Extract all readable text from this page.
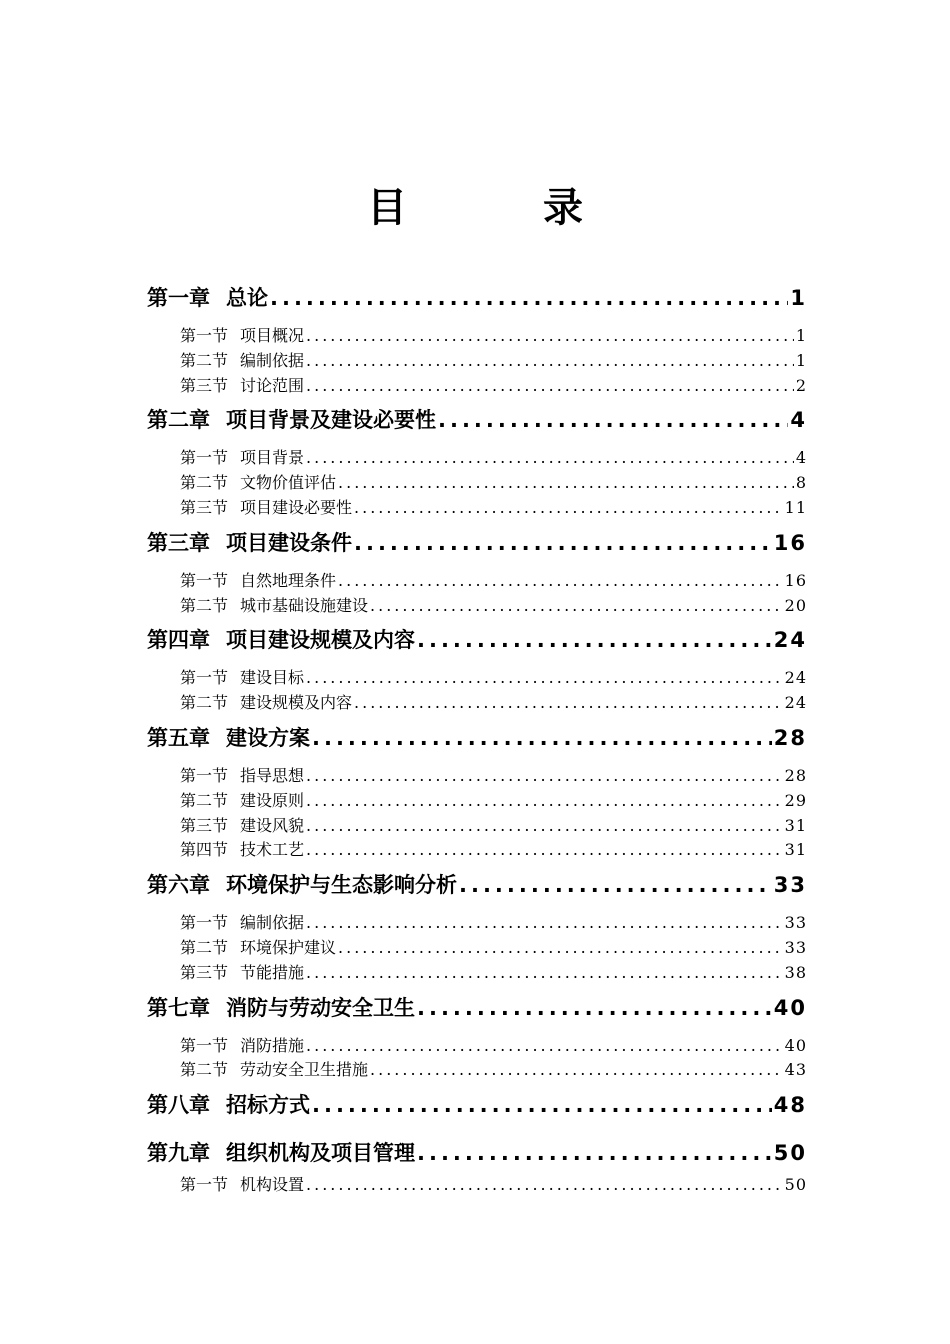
目　录
第一章 总论 .....	1
第一节 项目概况 .....	1
第二节 编制依据 .....	1
第三节 讨论范围 .....	2
第二章 项目背景及建设必要性 .....	4
第一节 项目背景 .....	4
第二节 文物价值评估 .....	8
第三节 项目建设必要性 .....	11
第三章 项目建设条件 .....	16
第一节 自然地理条件 .....	16
第二节 城市基础设施建设 .....	20
第四章 项目建设规模及内容 .....	24
第一节 建设目标 .....	24
第二节 建设规模及内容 .....	24
第五章 建设方案 .....	28
第一节 指导思想 .....	28
第二节 建设原则 .....	29
第三节 建设风貌 .....	31
第四节 技术工艺 .....	31
第六章 环境保护与生态影响分析 .....	33
第一节 编制依据 .....	33
第二节 环境保护建议 .....	33
第三节 节能措施 .....	38
第七章 消防与劳动安全卫生 .....	40
第一节 消防措施 .....	40
第二节 劳动安全卫生措施 .....	43
第八章 招标方式 .....	48
第九章 组织机构及项目管理 .....	50
第一节 机构设置 .....	50
